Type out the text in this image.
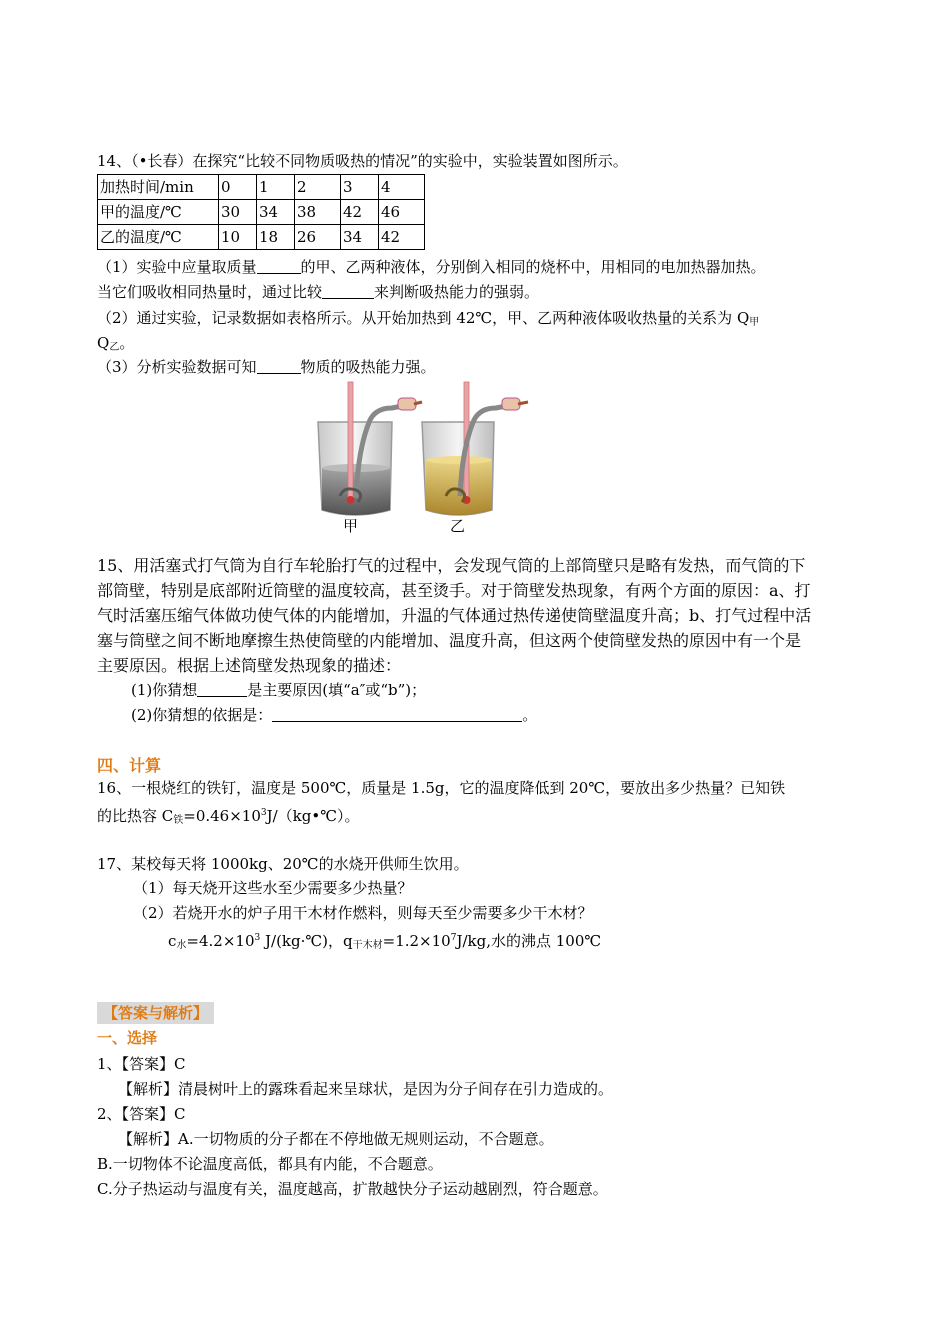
14、（•长春）在探究“比较不同物质吸热的情况”的实验中，实验装置如图所示。
加热时间/min	0	1	2	3	4
甲的温度/℃	30	34	38	42	46
乙的温度/℃	10	18	26	34	42
（1）实验中应量取质量	的甲、乙两种液体，分别倒入相同的烧杯中，用相同的电加热器加热。
当它们吸收相同热量时，通过比较	来判断吸热能力的强弱。
（2）通过实验，记录数据如表格所示。从开始加热到 42℃，甲、乙两种液体吸收热量的关系为 $Q_甲$
$Q_乙$。
（3）分析实验数据可知	物质的吸热能力强。
甲	乙
15、用活塞式打气筒为自行车轮胎打气的过程中，会发现气筒的上部筒壁只是略有发热，而气筒的下
部筒壁，特别是底部附近筒壁的温度较高，甚至烫手。对于筒壁发热现象，有两个方面的原因：a、打
气时活塞压缩气体做功使气体的内能增加，升温的气体通过热传递使筒壁温度升高；b、打气过程中活
塞与筒壁之间不断地摩擦生热使筒壁的内能增加、温度升高，但这两个使筒壁发热的原因中有一个是
主要原因。根据上述筒壁发热现象的描述：
(1)你猜想	是主要原因(填“a″或“b”)；
(2)你猜想的依据是：	。
四、计算
16、一根烧红的铁钉，温度是 500℃，质量是 1.5g，它的温度降低到 20℃，要放出多少热量？已知铁
的比热容 $C_铁=0.46\times 10^3J/(kg•℃)$。
17、某校每天将 1000kg、20℃的水烧开供师生饮用。
（1）每天烧开这些水至少需要多少热量？
（2）若烧开水的炉子用干木材作燃料，则每天至少需要多少干木材？
$c_水=4.2\times 10^3$ J/(kg·℃)，$q_{干木材}=1.2\times 10^7J/kg$,水的沸点 100℃
【答案与解析】
一、选择
1、【答案】C
【解析】清晨树叶上的露珠看起来呈球状，是因为分子间存在引力造成的。
2、【答案】C
【解析】A.一切物质的分子都在不停地做无规则运动，不合题意。
B.一切物体不论温度高低，都具有内能，不合题意。
C.分子热运动与温度有关，温度越高，扩散越快分子运动越剧烈，符合题意。
